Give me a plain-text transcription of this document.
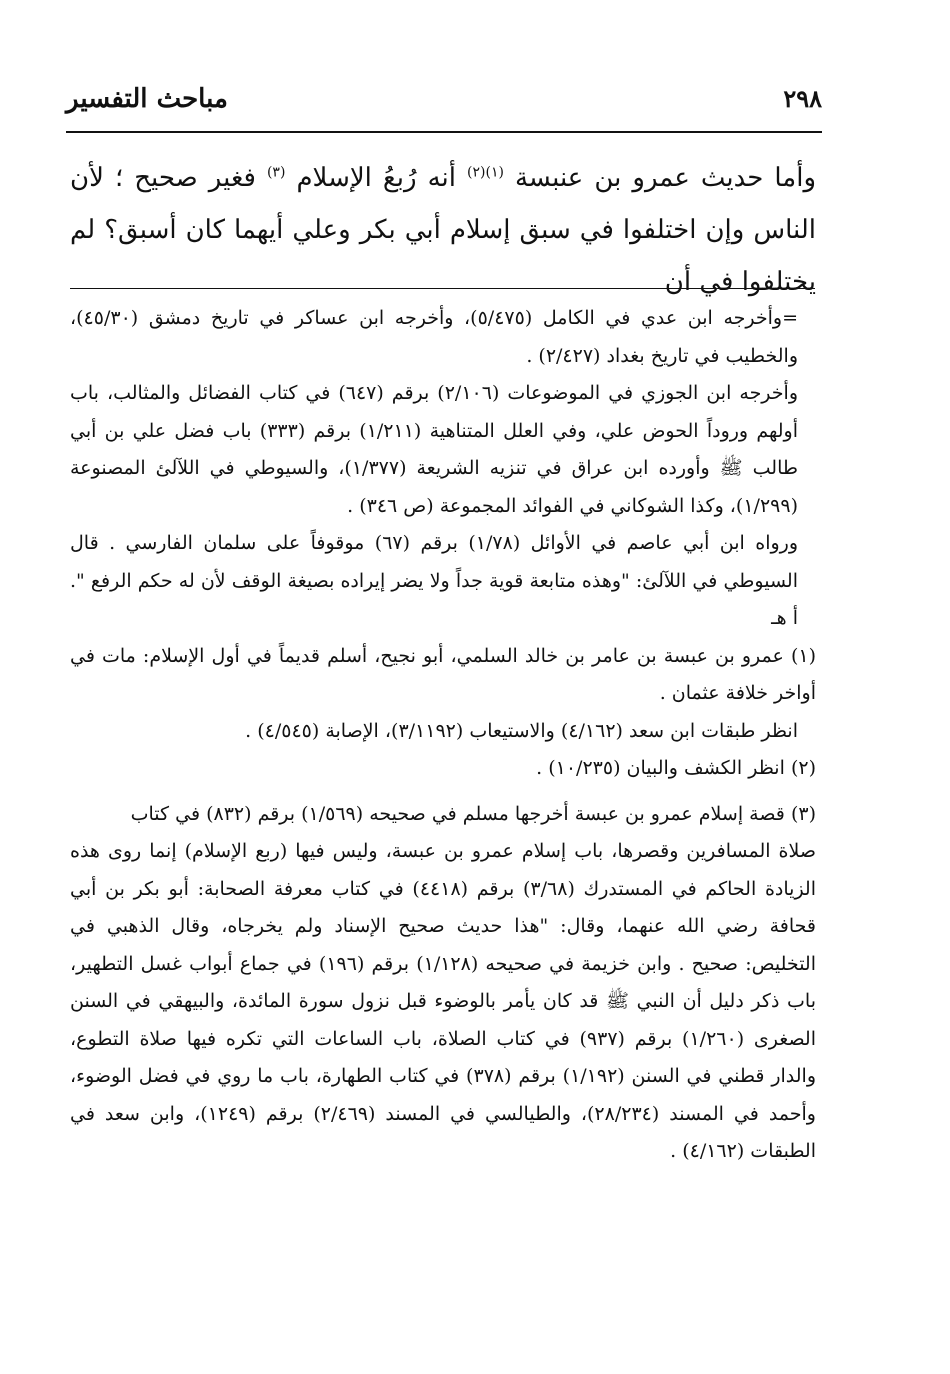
مباحث التفسير	٢٩٨

وأما حديث عمرو بن عنبسة $^{(١)(٢)}$ أنه رُبعُ الإسلام $^{(٣)}$ فغير صحيح ؛ لأن الناس وإن اختلفوا في سبق إسلام أبي بكر وعلي أيهما كان أسبق؟ لم يختلفوا في أن

=وأخرجه ابن عدي في الكامل (٥/٤٧٥)، وأخرجه ابن عساكر في تاريخ دمشق (٤٥/٣٠)، والخطيب في تاريخ بغداد (٢/٤٢٧) .

وأخرجه ابن الجوزي في الموضوعات (٢/١٠٦) برقم (٦٤٧) في كتاب الفضائل والمثالب، باب أولهم وروداً الحوض علي، وفي العلل المتناهية (١/٢١١) برقم (٣٣٣) باب فضل علي بن أبي طالب ﷺ وأورده ابن عراق في تنزيه الشريعة (١/٣٧٧)، والسيوطي في اللآلئ المصنوعة (١/٢٩٩)، وكذا الشوكاني في الفوائد المجموعة (ص ٣٤٦) .

ورواه ابن أبي عاصم في الأوائل (١/٧٨) برقم (٦٧) موقوفاً على سلمان الفارسي . قال السيوطي في اللآلئ: "وهذه متابعة قوية جداً ولا يضر إيراده بصيغة الوقف لأن له حكم الرفع ". أ هـ

(١) عمرو بن عبسة بن عامر بن خالد السلمي، أبو نجيح، أسلم قديماً في أول الإسلام: مات في أواخر خلافة عثمان .

انظر طبقات ابن سعد (٤/١٦٢) والاستيعاب (٣/١١٩٢)، الإصابة (٤/٥٤٥) .

(٢) انظر الكشف والبيان (١٠/٢٣٥) .

(٣) قصة إسلام عمرو بن عبسة أخرجها مسلم في صحيحه (١/٥٦٩) برقم (٨٣٢) في كتاب

صلاة المسافرين وقصرها، باب إسلام عمرو بن عبسة، وليس فيها (ربع الإسلام) إنما روى هذه الزيادة الحاكم في المستدرك (٣/٦٨) برقم (٤٤١٨) في كتاب معرفة الصحابة: أبو بكر بن أبي قحافة رضي الله عنهما، وقال: "هذا حديث صحيح الإسناد ولم يخرجاه، وقال الذهبي في التخليص: صحيح . وابن خزيمة في صحيحه (١/١٢٨) برقم (١٩٦) في جماع أبواب غسل التطهير، باب ذكر دليل أن النبي ﷺ قد كان يأمر بالوضوء قبل نزول سورة المائدة، والبيهقي في السنن الصغرى (١/٢٦٠) برقم (٩٣٧) في كتاب الصلاة، باب الساعات التي تكره فيها صلاة التطوع، والدار قطني في السنن (١/١٩٢) برقم (٣٧٨) في كتاب الطهارة، باب ما روي في فضل الوضوء، وأحمد في المسند (٢٨/٢٣٤)، والطيالسي في المسند (٢/٤٦٩) برقم (١٢٤٩)، وابن سعد في الطبقات (٤/١٦٢) .
